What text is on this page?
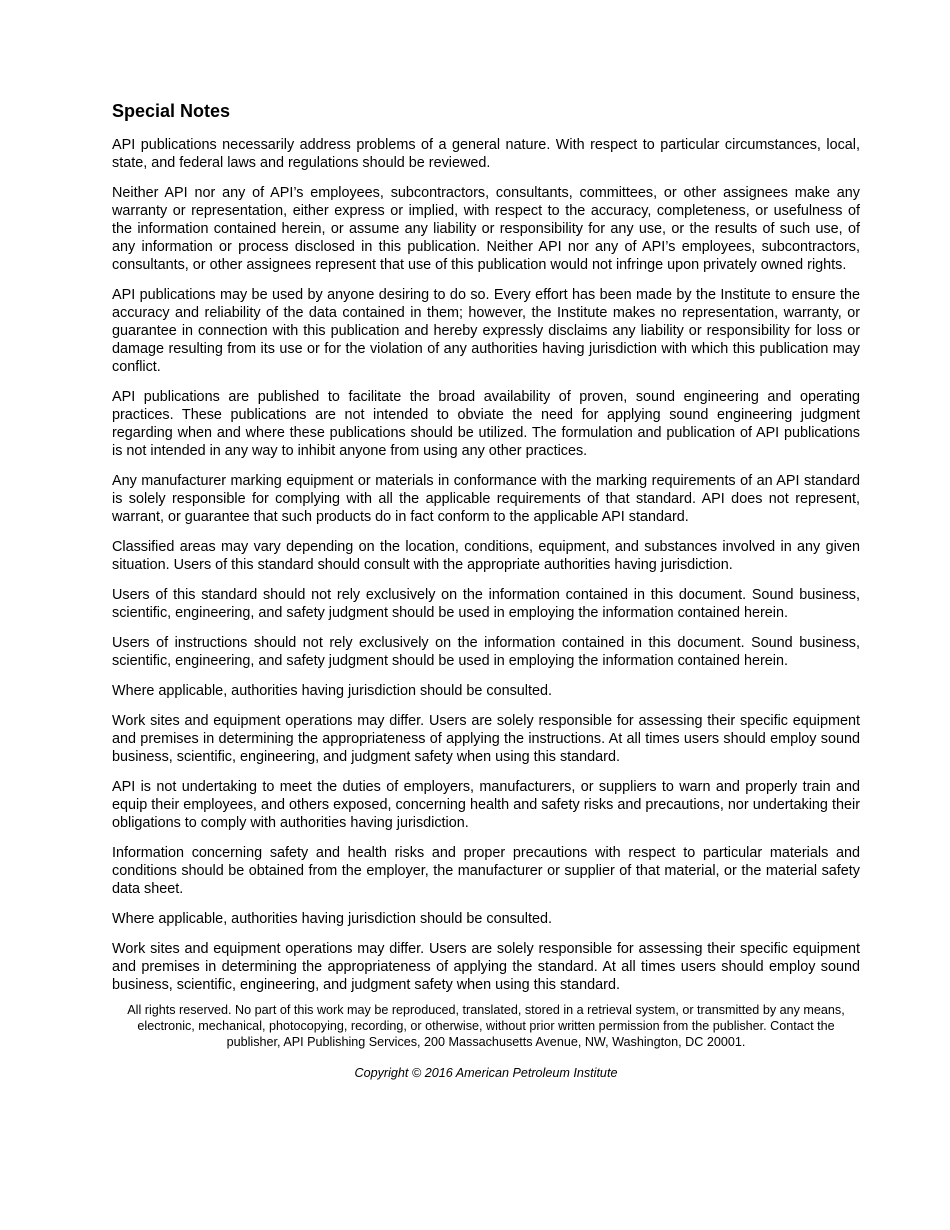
Special Notes

API publications necessarily address problems of a general nature. With respect to particular circumstances, local, state, and federal laws and regulations should be reviewed.

Neither API nor any of API’s employees, subcontractors, consultants, committees, or other assignees make any warranty or representation, either express or implied, with respect to the accuracy, completeness, or usefulness of the information contained herein, or assume any liability or responsibility for any use, or the results of such use, of any information or process disclosed in this publication. Neither API nor any of API’s employees, subcontractors, consultants, or other assignees represent that use of this publication would not infringe upon privately owned rights.

API publications may be used by anyone desiring to do so. Every effort has been made by the Institute to ensure the accuracy and reliability of the data contained in them; however, the Institute makes no representation, warranty, or guarantee in connection with this publication and hereby expressly disclaims any liability or responsibility for loss or damage resulting from its use or for the violation of any authorities having jurisdiction with which this publication may conflict.

API publications are published to facilitate the broad availability of proven, sound engineering and operating practices. These publications are not intended to obviate the need for applying sound engineering judgment regarding when and where these publications should be utilized. The formulation and publication of API publications is not intended in any way to inhibit anyone from using any other practices.

Any manufacturer marking equipment or materials in conformance with the marking requirements of an API standard is solely responsible for complying with all the applicable requirements of that standard. API does not represent, warrant, or guarantee that such products do in fact conform to the applicable API standard.

Classified areas may vary depending on the location, conditions, equipment, and substances involved in any given situation. Users of this standard should consult with the appropriate authorities having jurisdiction.

Users of this standard should not rely exclusively on the information contained in this document. Sound business, scientific, engineering, and safety judgment should be used in employing the information contained herein.

Users of instructions should not rely exclusively on the information contained in this document. Sound business, scientific, engineering, and safety judgment should be used in employing the information contained herein.

Where applicable, authorities having jurisdiction should be consulted.

Work sites and equipment operations may differ. Users are solely responsible for assessing their specific equipment and premises in determining the appropriateness of applying the instructions. At all times users should employ sound business, scientific, engineering, and judgment safety when using this standard.

API is not undertaking to meet the duties of employers, manufacturers, or suppliers to warn and properly train and equip their employees, and others exposed, concerning health and safety risks and precautions, nor undertaking their obligations to comply with authorities having jurisdiction.

Information concerning safety and health risks and proper precautions with respect to particular materials and conditions should be obtained from the employer, the manufacturer or supplier of that material, or the material safety data sheet.

Where applicable, authorities having jurisdiction should be consulted.

Work sites and equipment operations may differ. Users are solely responsible for assessing their specific equipment and premises in determining the appropriateness of applying the standard. At all times users should employ sound business, scientific, engineering, and judgment safety when using this standard.

All rights reserved. No part of this work may be reproduced, translated, stored in a retrieval system, or transmitted by any means, electronic, mechanical, photocopying, recording, or otherwise, without prior written permission from the publisher. Contact the publisher, API Publishing Services, 200 Massachusetts Avenue, NW, Washington, DC 20001.

Copyright © 2016 American Petroleum Institute
